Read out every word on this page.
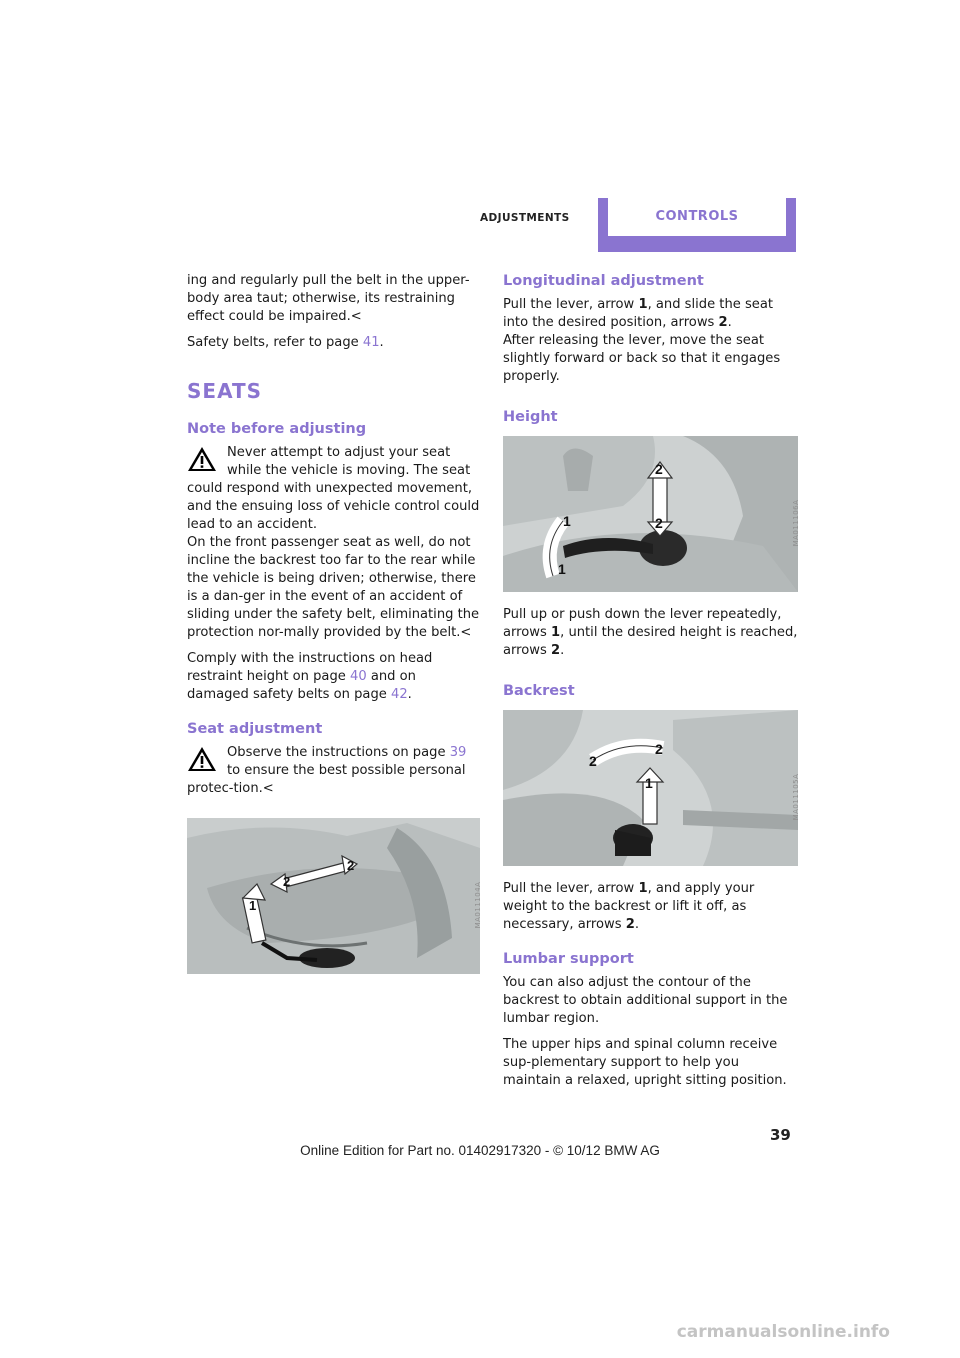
ADJUSTMENTS	CONTROLS

ing and regularly pull the belt in the upper-body area taut; otherwise, its restraining effect could be impaired.<

Safety belts, refer to page 41.

SEATS
Note before adjusting

Never attempt to adjust your seat while the vehicle is moving. The seat could respond with unexpected movement, and the ensuing loss of vehicle control could lead to an accident.

On the front passenger seat as well, do not incline the backrest too far to the rear while the vehicle is being driven; otherwise, there is a dan-ger in the event of an accident of sliding under the safety belt, eliminating the protection nor-mally provided by the belt.<

Comply with the instructions on head restraint height on page 40 and on damaged safety belts on page 42.

Seat adjustment

Observe the instructions on page 39 to ensure the best possible personal protec-tion.<

2
2
1	MA011104A
Longitudinal adjustment

Pull the lever, arrow 1, and slide the seat into the desired position, arrows 2.

After releasing the lever, move the seat slightly forward or back so that it engages properly.

Height
2
2
1
1
MA011106A

Pull up or push down the lever repeatedly, arrows 1, until the desired height is reached, arrows 2.

Backrest
2
2
1	MA011105A

Pull the lever, arrow 1, and apply your weight to the backrest or lift it off, as necessary, arrows 2.

Lumbar support

You can also adjust the contour of the backrest to obtain additional support in the lumbar region.

The upper hips and spinal column receive sup-plementary support to help you maintain a relaxed, upright sitting position.

39
Online Edition for Part no. 01402917320 - © 10/12 BMW AG
carmanualsonline.info
